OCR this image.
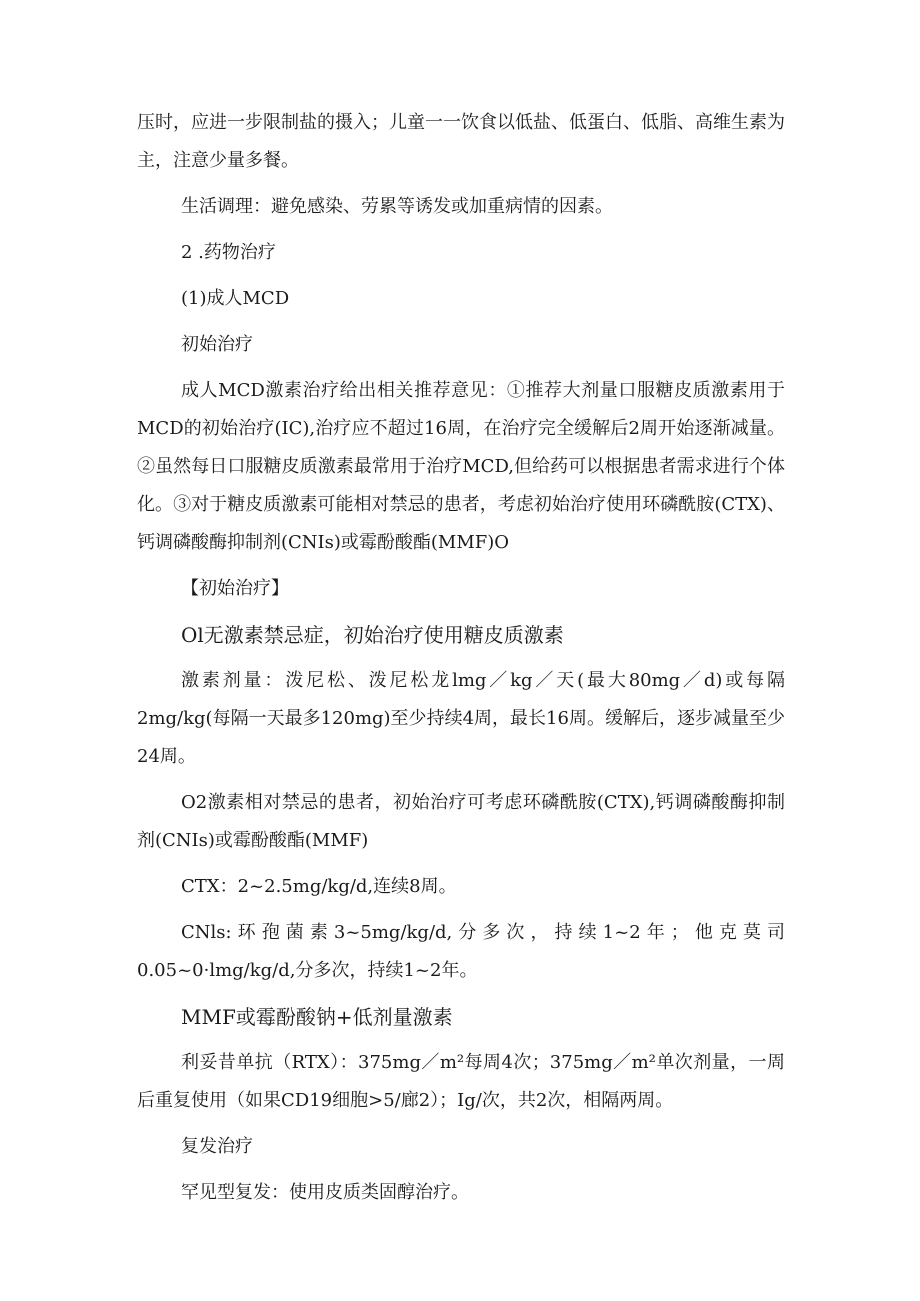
压时，应进一步限制盐的摄入；儿童一一饮食以低盐、低蛋白、低脂、高维生素为主，注意少量多餐。

生活调理：避免感染、劳累等诱发或加重病情的因素。

2 .药物治疗

(1)成人MCD

初始治疗

成人MCD激素治疗给出相关推荐意见：①推荐大剂量口服糖皮质激素用于MCD的初始治疗(IC),治疗应不超过16周，在治疗完全缓解后2周开始逐渐减量。②虽然每日口服糖皮质激素最常用于治疗MCD,但给药可以根据患者需求进行个体化。③对于糖皮质激素可能相对禁忌的患者，考虑初始治疗使用环磷酰胺(CTX)、钙调磷酸酶抑制剂(CNIs)或霉酚酸酯(MMF)O

【初始治疗】

Ol无激素禁忌症，初始治疗使用糖皮质激素

激素剂量：泼尼松、泼尼松龙lmg／kg／天(最大80mg／d)或每隔2mg/kg(每隔一天最多120mg)至少持续4周，最长16周。缓解后，逐步减量至少24周。

O2激素相对禁忌的患者，初始治疗可考虑环磷酰胺(CTX),钙调磷酸酶抑制剂(CNIs)或霉酚酸酯(MMF)

CTX：2~2.5mg/kg/d,连续8周。

CNls:环孢菌素3~5mg/kg/d,分多次，持续1~2年；他克莫司0.05~0·lmg/kg/d,分多次，持续1~2年。

MMF或霉酚酸钠+低剂量激素

利妥昔单抗（RTX）：375mg／m²每周4次；375mg／m²单次剂量，一周后重复使用（如果CD19细胞>5/廊2）；Ig/次，共2次，相隔两周。

复发治疗

罕见型复发：使用皮质类固醇治疗。
